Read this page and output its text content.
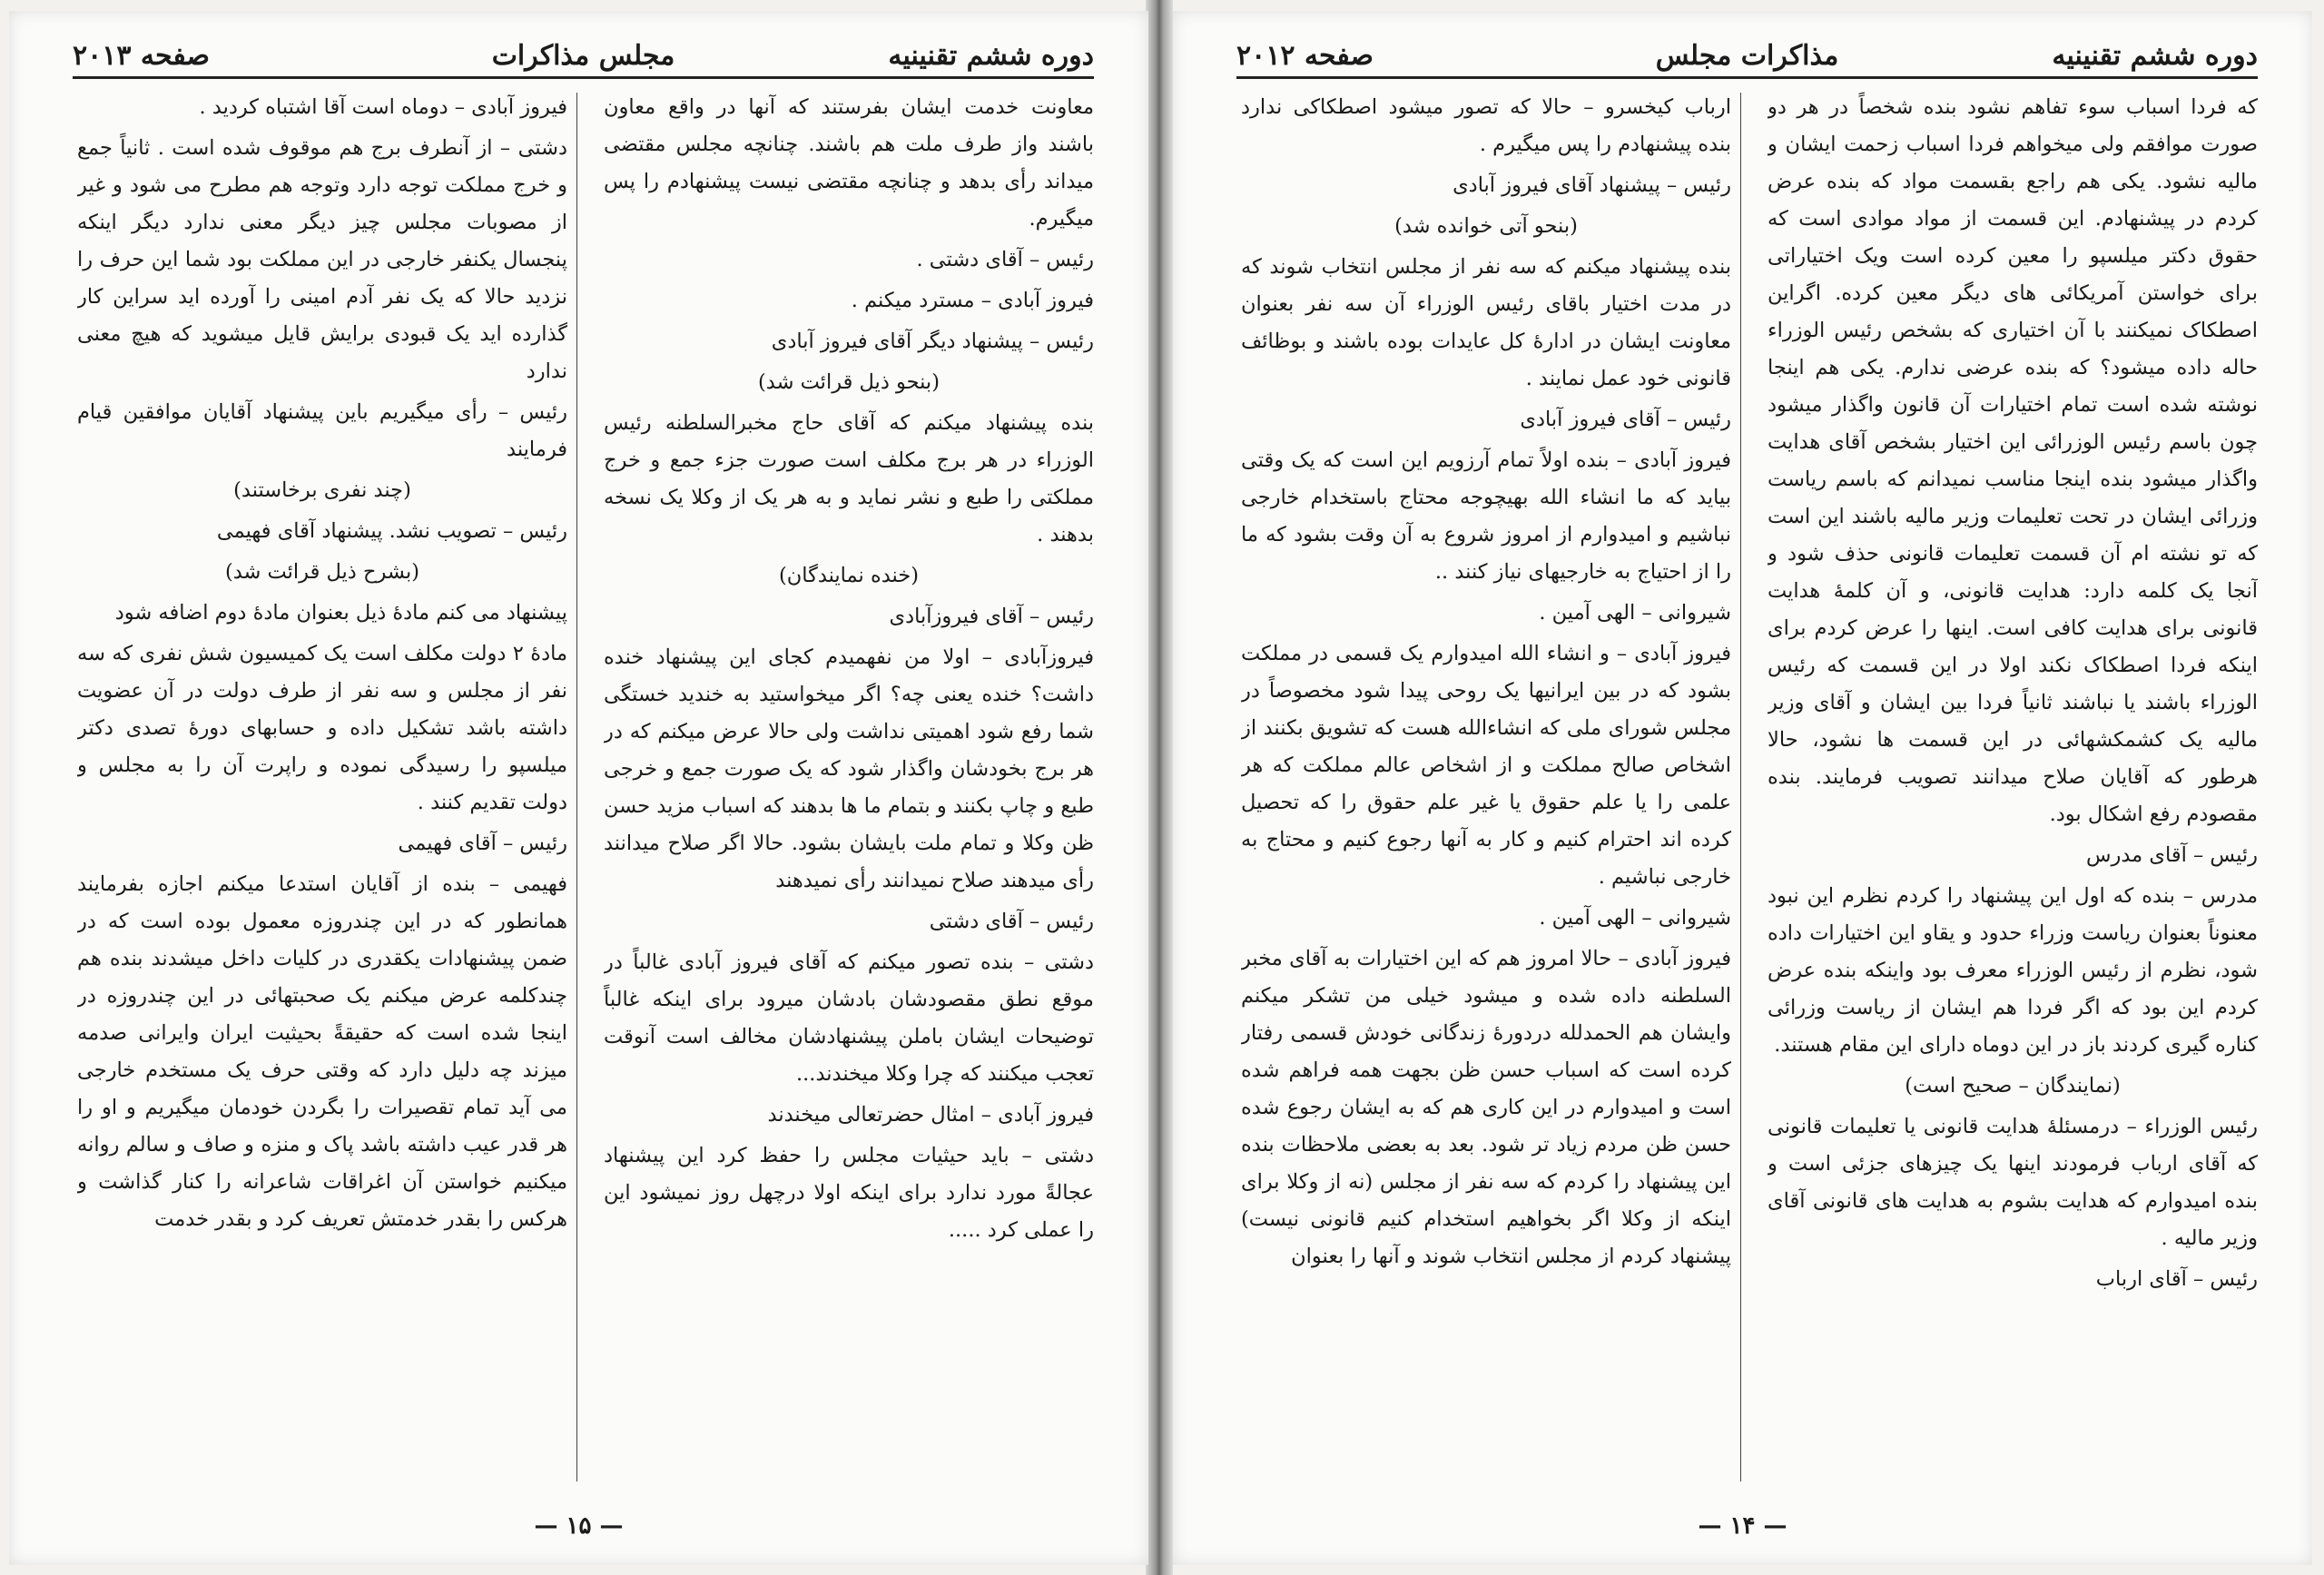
دوره ششم تقنینیه
مجلس مذاکرات
صفحه ۲۰۱۳

معاونت خدمت ایشان بفرستند که آنها در واقع معاون باشند واز طرف ملت هم باشند. چنانچه مجلس مقتضی میداند رأی بدهد و چنانچه مقتضی نیست پیشنهادم را پس میگیرم.

رئیس – آقای دشتی .

فیروز آبادی – مسترد میکنم .

رئیس – پیشنهاد دیگر آقای فیروز آبادی

(بنحو ذیل قرائت شد)

بنده پیشنهاد میکنم که آقای حاج مخبرالسلطنه رئیس الوزراء در هر برج مکلف است صورت جزء جمع و خرج مملکتی را طبع و نشر نماید و به هر یک از وکلا یک نسخه بدهند .

(خنده نمایندگان)

رئیس – آقای فیروزآبادی

فیروزآبادی – اولا من نفهمیدم کجای این پیشنهاد خنده داشت؟ خنده یعنی چه؟ اگر میخواستید به خندید خستگی شما رفع شود اهمیتی نداشت ولی حالا عرض میکنم که در هر برج بخودشان واگذار شود که یک صورت جمع و خرجی طبع و چاپ بکنند و بتمام ما ها بدهند که اسباب مزید حسن ظن وکلا و تمام ملت بایشان بشود. حالا اگر صلاح میدانند رأی میدهند صلاح نمیدانند رأی نمیدهند

رئیس – آقای دشتی

دشتی – بنده تصور میکنم که آقای فیروز آبادی غالباً در موقع نطق مقصودشان بادشان میرود برای اینکه غالباً توضیحات ایشان باملن پیشنهادشان مخالف است آنوقت تعجب میکنند که چرا وکلا میخندند...

فیروز آبادی – امثال حضرتعالی میخندند

دشتی – باید حیثیات مجلس را حفظ کرد این پیشنهاد عجالةً مورد ندارد برای اینکه اولا درچهل روز نمیشود این را عملی کرد .....

فیروز آبادی – دوماه است آقا اشتباه کردید .

دشتی – از آنطرف برج هم موقوف شده است . ثانیاً جمع و خرج مملکت توجه دارد وتوجه هم مطرح می شود و غیر از مصوبات مجلس چیز دیگر معنی ندارد دیگر اینکه پنجسال یکنفر خارجی در این مملکت بود شما این حرف را نزدید حالا که یک نفر آدم امینی را آورده اید سراین کار گذارده اید یک قبودی برایش قایل میشوید که هیچ معنی ندارد

رئیس – رأی میگیریم باین پیشنهاد آقایان موافقین قیام فرمایند

(چند نفری برخاستند)

رئیس – تصویب نشد. پیشنهاد آقای فهیمی

(بشرح ذیل قرائت شد)

پیشنهاد می کنم مادهٔ ذیل بعنوان مادهٔ دوم اضافه شود

مادهٔ ۲ دولت مکلف است یک کمیسیون شش نفری که سه نفر از مجلس و سه نفر از طرف دولت در آن عضویت داشته باشد تشکیل داده و حسابهای دورهٔ تصدی دکتر میلسپو را رسیدگی نموده و راپرت آن را به مجلس و دولت تقدیم کنند .

رئیس – آقای فهیمی

فهیمی – بنده از آقایان استدعا میکنم اجازه بفرمایند همانطور که در این چندروزه معمول بوده است که در ضمن پیشنهادات یکقدری در کلیات داخل میشدند بنده هم چندکلمه عرض میکنم یک صحبتهائی در این چندروزه در اینجا شده است که حقیقةً بحیثیت ایران وایرانی صدمه میزند چه دلیل دارد که وقتی حرف یک مستخدم خارجی می آید تمام تقصیرات را بگردن خودمان میگیریم و او را هر قدر عیب داشته باشد پاک و منزه و صاف و سالم روانه میکنیم خواستن آن اغراقات شاعرانه را کنار گذاشت و هرکس را بقدر خدمتش تعریف کرد و بقدر خدمت

— ۱۵ —
دوره ششم تقنینیه
مذاکرات مجلس
صفحه ۲۰۱۲

که فردا اسباب سوء تفاهم نشود بنده شخصاً در هر دو صورت موافقم ولی میخواهم فردا اسباب زحمت ایشان و مالیه نشود. یکی هم راجع بقسمت مواد که بنده عرض کردم در پیشنهادم. این قسمت از مواد موادی است که حقوق دکتر میلسپو را معین کرده است ویک اختیاراتی برای خواستن آمریکائی های دیگر معین کرده. اگراین اصطکاک نمیکنند با آن اختیاری که بشخص رئیس الوزراء حاله داده میشود؟ که بنده عرضی ندارم. یکی هم اینجا نوشته شده است تمام اختیارات آن قانون واگذار میشود چون باسم رئیس الوزرائی این اختیار بشخص آقای هدایت واگذار میشود بنده اینجا مناسب نمیدانم که باسم ریاست وزرائی ایشان در تحت تعلیمات وزیر مالیه باشند این است که تو نشته ام آن قسمت تعلیمات قانونی حذف شود و آنجا یک کلمه دارد: هدایت قانونی، و آن کلمهٔ هدایت قانونی برای هدایت کافی است. اینها را عرض کردم برای اینکه فردا اصطکاک نکند اولا در این قسمت که رئیس الوزراء باشند یا نباشند ثانیاً فردا بین ایشان و آقای وزیر مالیه یک کشمکشهائی در این قسمت ها نشود، حالا هرطور که آقایان صلاح میدانند تصویب فرمایند. بنده مقصودم رفع اشکال بود.

رئیس – آقای مدرس

مدرس – بنده که اول این پیشنهاد را کردم نظرم این نبود معنوناً بعنوان ریاست وزراء حدود و یقاو این اختیارات داده شود، نظرم از رئیس الوزراء معرف بود واینکه بنده عرض کردم این بود که اگر فردا هم ایشان از ریاست وزرائی کناره گیری کردند باز در این دوماه دارای این مقام هستند.

(نمایندگان – صحیح است)

رئیس الوزراء – درمسئلهٔ هدایت قانونی یا تعلیمات قانونی که آقای ارباب فرمودند اینها یک چیزهای جزئی است و بنده امیدوارم که هدایت بشوم به هدایت های قانونی آقای وزیر مالیه .

رئیس – آقای ارباب

ارباب کیخسرو – حالا که تصور میشود اصطکاکی ندارد بنده پیشنهادم را پس میگیرم .

رئیس – پیشنهاد آقای فیروز آبادی

(بنحو آتی خوانده شد)

بنده پیشنهاد میکنم که سه نفر از مجلس انتخاب شوند که در مدت اختیار باقای رئیس الوزراء آن سه نفر بعنوان معاونت ایشان در ادارهٔ کل عایدات بوده باشند و بوظائف قانونی خود عمل نمایند .

رئیس – آقای فیروز آبادی

فیروز آبادی – بنده اولاً تمام آرزویم این است که یک وقتی بیاید که ما انشاء الله بهیچوجه محتاج باستخدام خارجی نباشیم و امیدوارم از امروز شروع به آن وقت بشود که ما را از احتیاج به خارجیهای نیاز کنند ..

شیروانی – الهی آمین .

فیروز آبادی – و انشاء الله امیدوارم یک قسمی در مملکت بشود که در بین ایرانیها یک روحی پیدا شود مخصوصاً در مجلس شورای ملی که انشاءالله هست که تشویق بکنند از اشخاص صالح مملکت و از اشخاص عالم مملکت که هر علمی را یا علم حقوق یا غیر علم حقوق را که تحصیل کرده اند احترام کنیم و کار به آنها رجوع کنیم و محتاج به خارجی نباشیم .

شیروانی – الهی آمین .

فیروز آبادی – حالا امروز هم که این اختیارات به آقای مخبر السلطنه داده شده و میشود خیلی من تشکر میکنم وایشان هم الحمدلله دردورهٔ زندگانی خودش قسمی رفتار کرده است که اسباب حسن ظن بجهت همه فراهم شده است و امیدوارم در این کاری هم که به ایشان رجوع شده حسن ظن مردم زیاد تر شود. بعد به بعضی ملاحظات بنده این پیشنهاد را کردم که سه نفر از مجلس (نه از وکلا برای اینکه از وکلا اگر بخواهیم استخدام کنیم قانونی نیست) پیشنهاد کردم از مجلس انتخاب شوند و آنها را بعنوان

— ۱۴ —
